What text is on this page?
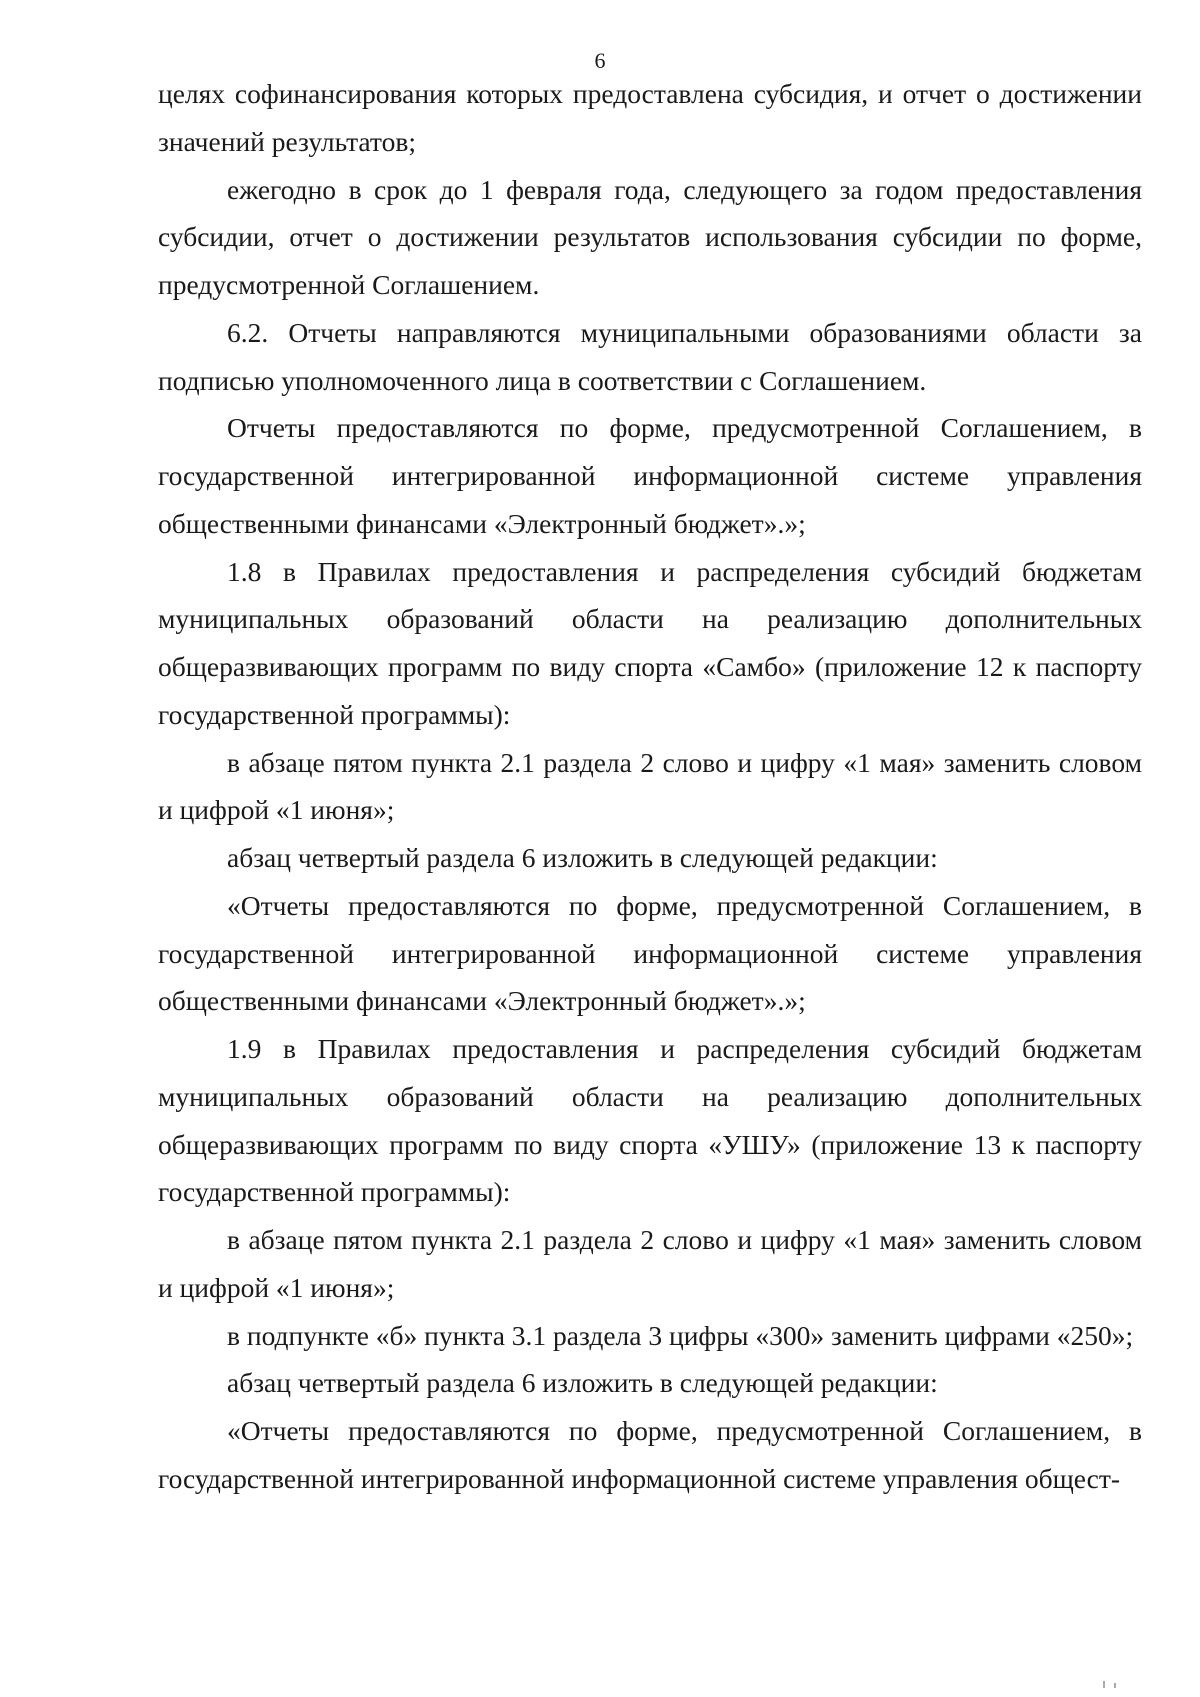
6

целях софинансирования которых предоставлена субсидия, и отчет о достижении значений результатов;

ежегодно в срок до 1 февраля года, следующего за годом предоставления субсидии, отчет о достижении результатов использования субсидии по форме, предусмотренной Соглашением.

6.2. Отчеты направляются муниципальными образованиями области за подписью уполномоченного лица в соответствии с Соглашением.

Отчеты предоставляются по форме, предусмотренной Соглашением, в государственной интегрированной информационной системе управления общественными финансами «Электронный бюджет».»;

1.8 в Правилах предоставления и распределения субсидий бюджетам муниципальных образований области на реализацию дополнительных общеразвивающих программ по виду спорта «Самбо» (приложение 12 к паспорту государственной программы):

в абзаце пятом пункта 2.1 раздела 2 слово и цифру «1 мая» заменить словом и цифрой «1 июня»;

абзац четвертый раздела 6 изложить в следующей редакции:

«Отчеты предоставляются по форме, предусмотренной Соглашением, в государственной интегрированной информационной системе управления общественными финансами «Электронный бюджет».»;

1.9 в Правилах предоставления и распределения субсидий бюджетам муниципальных образований области на реализацию дополнительных общеразвивающих программ по виду спорта «УШУ» (приложение 13 к паспорту государственной программы):

в абзаце пятом пункта 2.1 раздела 2 слово и цифру «1 мая» заменить словом и цифрой «1 июня»;

в подпункте «б» пункта 3.1 раздела 3 цифры «300» заменить цифрами «250»;

абзац четвертый раздела 6 изложить в следующей редакции:

«Отчеты предоставляются по форме, предусмотренной Соглашением, в государственной интегрированной информационной системе управления общест-
